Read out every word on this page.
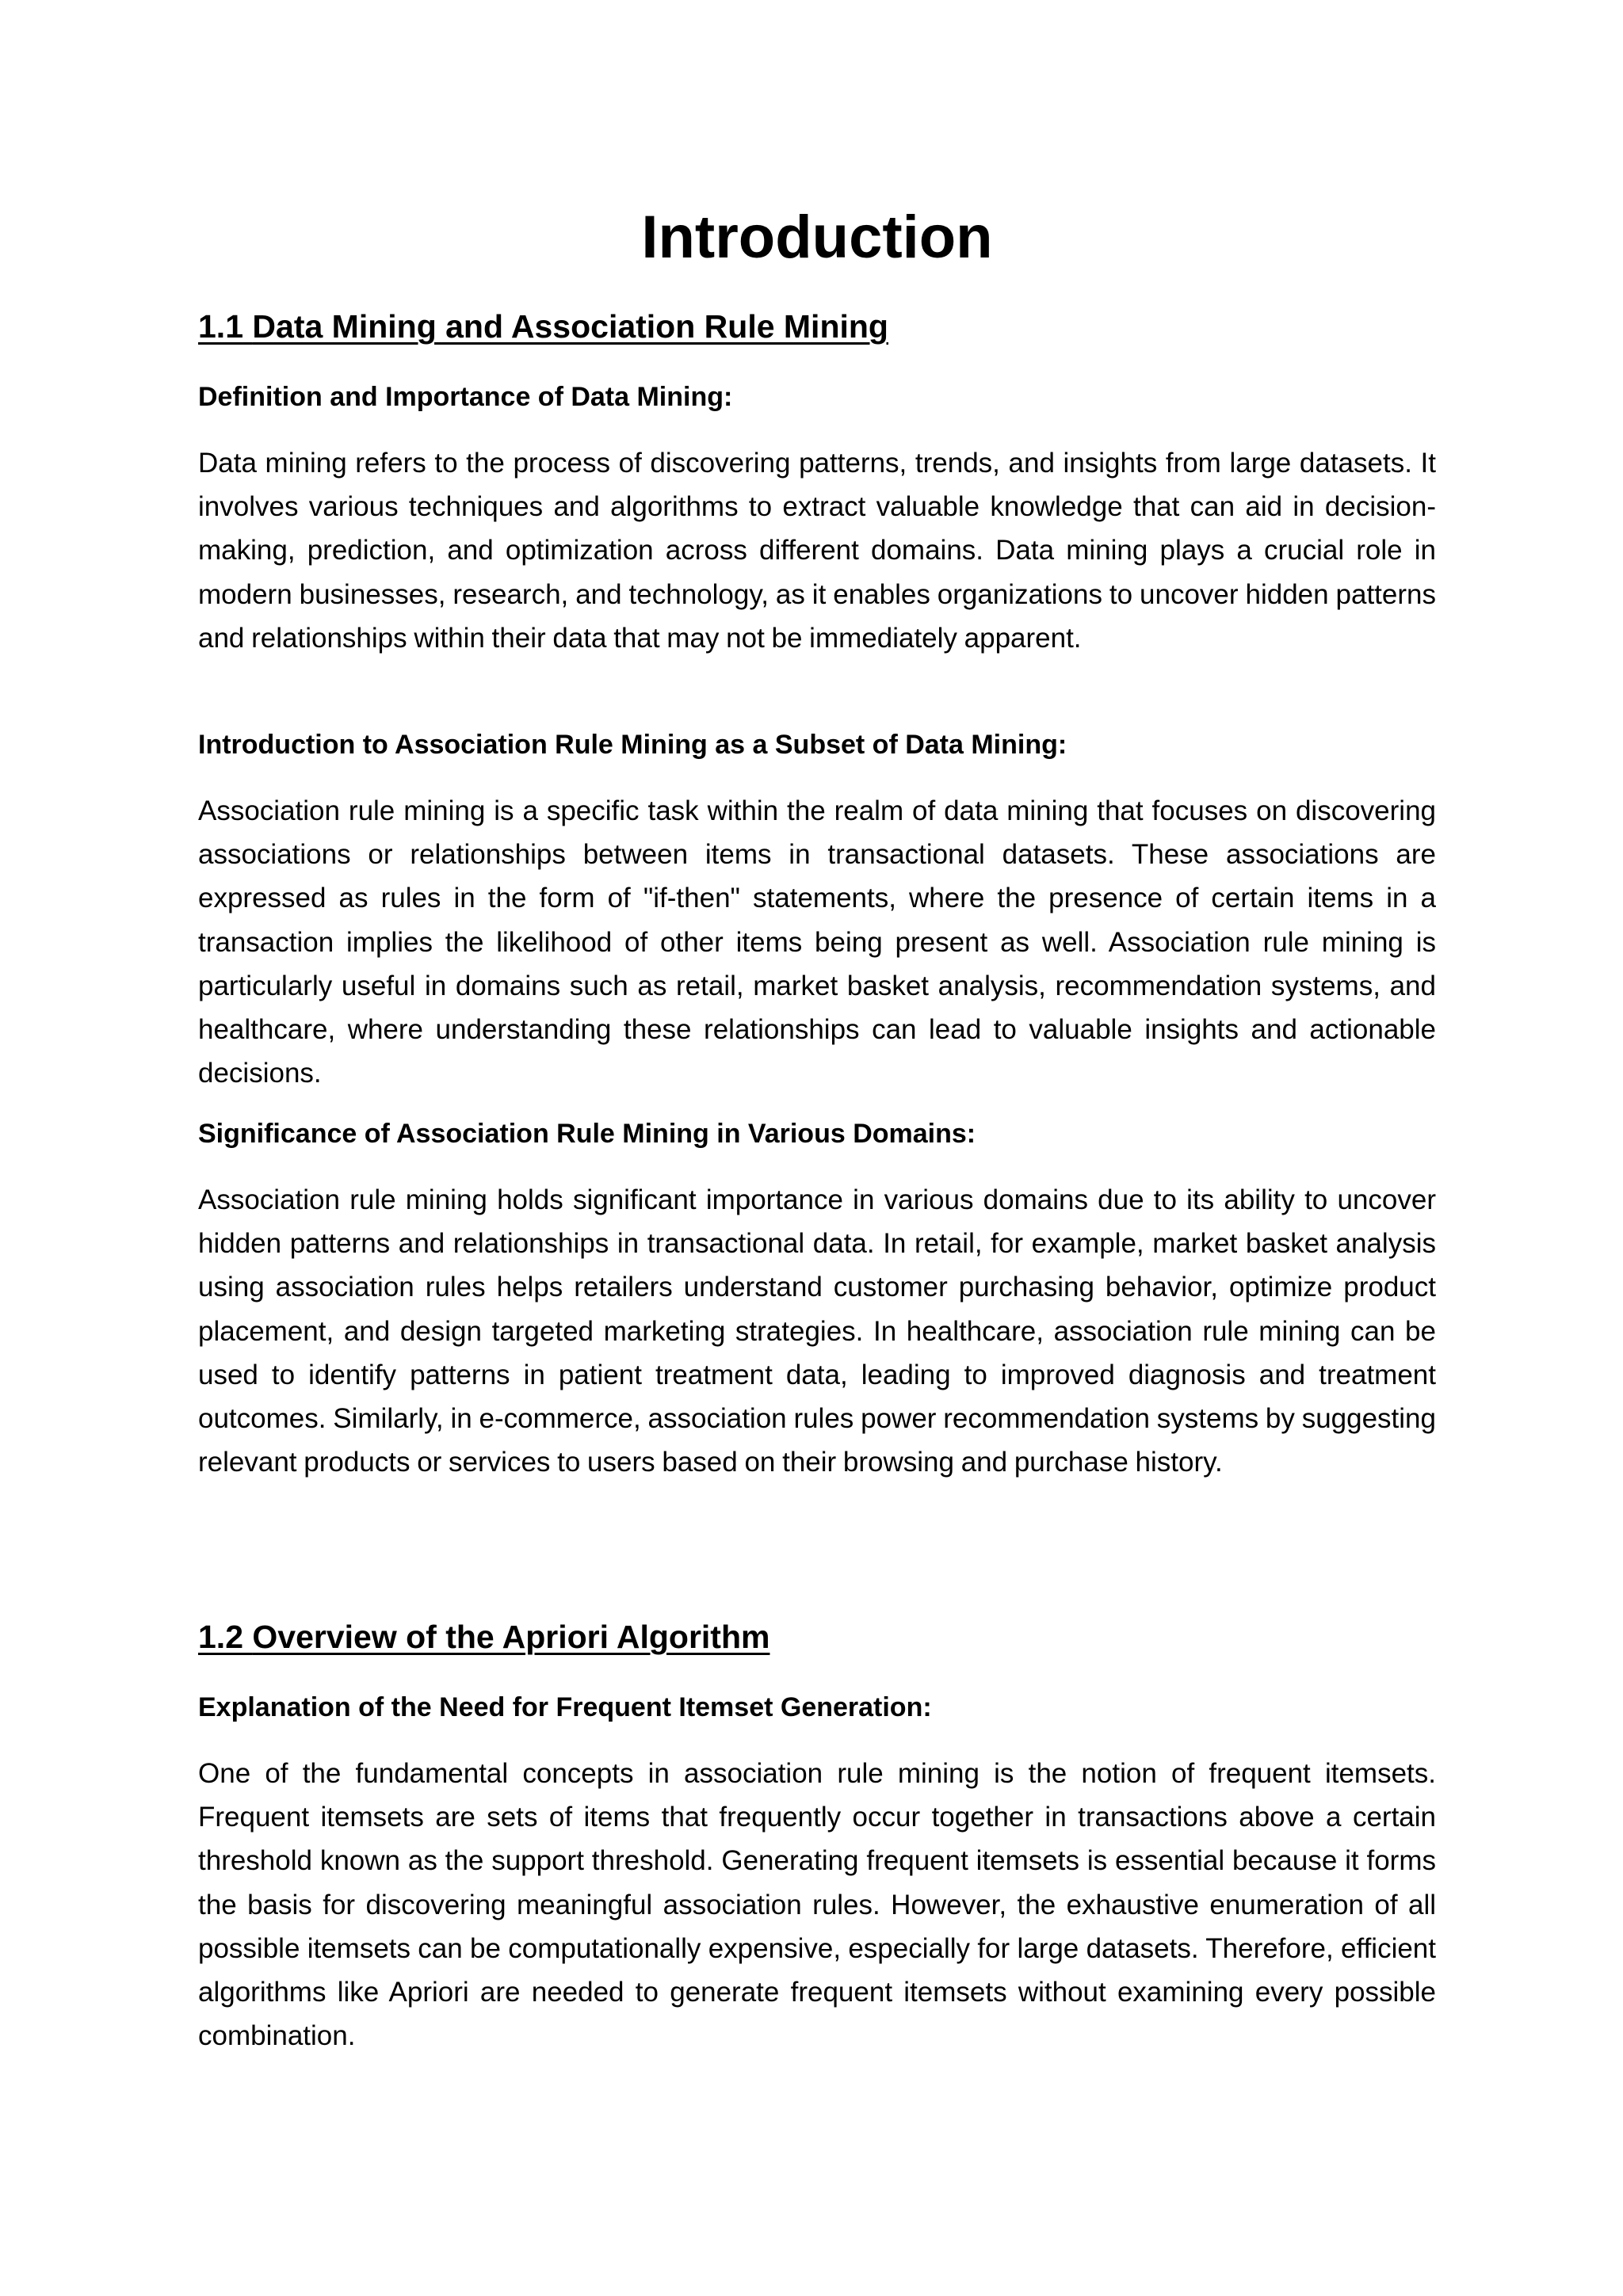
Introduction
1.1 Data Mining and Association Rule Mining
Definition and Importance of Data Mining:

Data mining refers to the process of discovering patterns, trends, and insights from large datasets. It involves various techniques and algorithms to extract valuable knowledge that can aid in decision-making, prediction, and optimization across different domains. Data mining plays a crucial role in modern businesses, research, and technology, as it enables organizations to uncover hidden patterns and relationships within their data that may not be immediately apparent.

Introduction to Association Rule Mining as a Subset of Data Mining:

Association rule mining is a specific task within the realm of data mining that focuses on discovering associations or relationships between items in transactional datasets. These associations are expressed as rules in the form of "if-then" statements, where the presence of certain items in a transaction implies the likelihood of other items being present as well. Association rule mining is particularly useful in domains such as retail, market basket analysis, recommendation systems, and healthcare, where understanding these relationships can lead to valuable insights and actionable decisions.

Significance of Association Rule Mining in Various Domains:

Association rule mining holds significant importance in various domains due to its ability to uncover hidden patterns and relationships in transactional data. In retail, for example, market basket analysis using association rules helps retailers understand customer purchasing behavior, optimize product placement, and design targeted marketing strategies. In healthcare, association rule mining can be used to identify patterns in patient treatment data, leading to improved diagnosis and treatment outcomes. Similarly, in e-commerce, association rules power recommendation systems by suggesting relevant products or services to users based on their browsing and purchase history.

1.2 Overview of the Apriori Algorithm
Explanation of the Need for Frequent Itemset Generation:

One of the fundamental concepts in association rule mining is the notion of frequent itemsets. Frequent itemsets are sets of items that frequently occur together in transactions above a certain threshold known as the support threshold. Generating frequent itemsets is essential because it forms the basis for discovering meaningful association rules. However, the exhaustive enumeration of all possible itemsets can be computationally expensive, especially for large datasets. Therefore, efficient algorithms like Apriori are needed to generate frequent itemsets without examining every possible combination.
